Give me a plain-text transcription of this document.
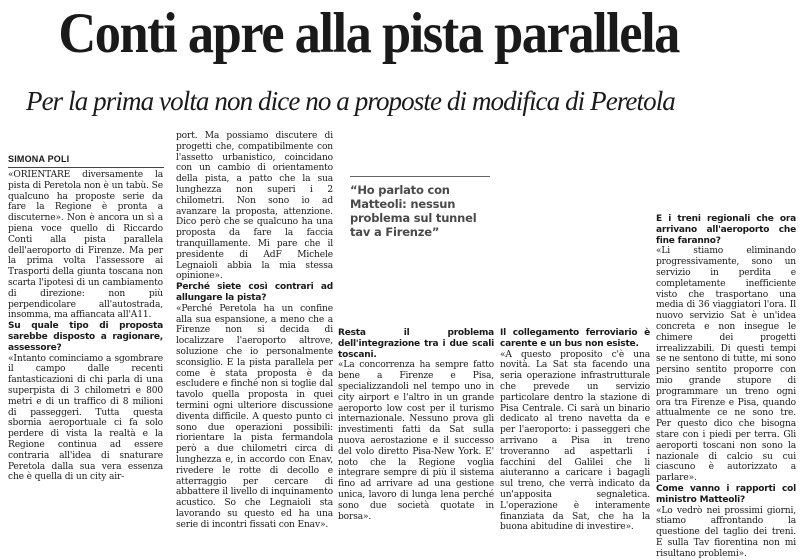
Conti apre alla pista parallela
Per la prima volta non dice no a proposte di modifica di Peretola
SIMONA POLI

«ORIENTARE diversamente la pista di Peretola non è un tabù. Se qualcuno ha proposte serie da fare la Regione è pronta a discuterne». Non è ancora un sì a piena voce quello di Riccardo Conti alla pista parallela dell'aeroporto di Firenze. Ma per la prima volta l'assessore ai Trasporti della giunta toscana non scarta l'ipotesi di un cambiamento di direzione: non più perpendicolare all'autostrada, insomma, ma affiancata all'A11.

Su quale tipo di proposta sarebbe disposto a ragionare, assessore?

«Intanto cominciamo a sgombrare il campo dalle recenti fantasticazioni di chi parla di una superpista di 3 chilometri e 800 metri e di un traffico di 8 milioni di passeggeri. Tutta questa sbornia aeroportuale ci fa solo perdere di vista la realtà e la Regione continua ad essere contraria all'idea di snaturare Peretola dalla sua vera essenza che è quella di un city air-

port. Ma possiamo discutere di progetti che, compatibilmente con l'assetto urbanistico, coincidano con un cambio di orientamento della pista, a patto che la sua lunghezza non superi i 2 chilometri. Non sono io ad avanzare la proposta, attenzione. Dico però che se qualcuno ha una proposta da fare la faccia tranquillamente. Mi pare che il presidente di AdF Michele Legnaioli abbia la mia stessa opinione».

Perché siete così contrari ad allungare la pista?

«Perché Peretola ha un confine alla sua espansione, a meno che a Firenze non si decida di localizzare l'aeroporto altrove, soluzione che io personalmente sconsiglio. E la pista parallela per come è stata proposta è da escludere e finché non si toglie dal tavolo quella proposta in quei termini ogni ulteriore discussione diventa difficile. A questo punto ci sono due operazioni possibili: riorientare la pista fermandola però a due chilometri circa di lunghezza e, in accordo con Enav, rivedere le rotte di decollo e atterraggio per cercare di abbattere il livello di inquinamento acustico. So che Legnaioli sta lavorando su questo ed ha una serie di incontri fissati con Enav».

“Ho parlato con Matteoli: nessun problema sul tunnel tav a Firenze”

Resta il problema dell'integrazione tra i due scali toscani.

«La concorrenza ha sempre fatto bene a Firenze e Pisa, specializzandoli nel tempo uno in city airport e l'altro in un grande aeroporto low cost per il turismo internazionale. Nessuno prova gli investimenti fatti da Sat sulla nuova aerostazione e il successo del volo diretto Pisa-New York. E' noto che la Regione voglia integrare sempre di più il sistema fino ad arrivare ad una gestione unica, lavoro di lunga lena perché sono due società quotate in borsa».

Il collegamento ferroviario è carente e un bus non esiste.

«A questo proposito c'è una novità. La Sat sta facendo una seria operazione infrastrutturale che prevede un servizio particolare dentro la stazione di Pisa Centrale. Ci sarà un binario dedicato al treno navetta da e per l'aeroporto: i passeggeri che arrivano a Pisa in treno troveranno ad aspettarli i facchini del Galilei che li aiuteranno a caricare i bagagli sul treno, che verrà indicato da un'apposita segnaletica. L'operazione è interamente finanziata da Sat, che ha la buona abitudine di investire».

E i treni regionali che ora arrivano all'aeroporto che fine faranno?

«Li stiamo eliminando progressivamente, sono un servizio in perdita e completamente inefficiente visto che trasportano una media di 36 viaggiatori l'ora. Il nuovo servizio Sat è un'idea concreta e non insegue le chimere dei progetti irrealizzabili. Di questi tempi se ne sentono di tutte, mi sono persino sentito proporre con mio grande stupore di programmare un treno ogni ora tra Firenze e Pisa, quando attualmente ce ne sono tre. Per questo dico che bisogna stare con i piedi per terra. Gli aeroporti toscani non sono la nazionale di calcio su cui ciascuno è autorizzato a parlare».

Come vanno i rapporti col ministro Matteoli?

«Lo vedrò nei prossimi giorni, stiamo affrontando la questione del taglio dei treni. E sulla Tav fiorentina non mi risultano problemi».
